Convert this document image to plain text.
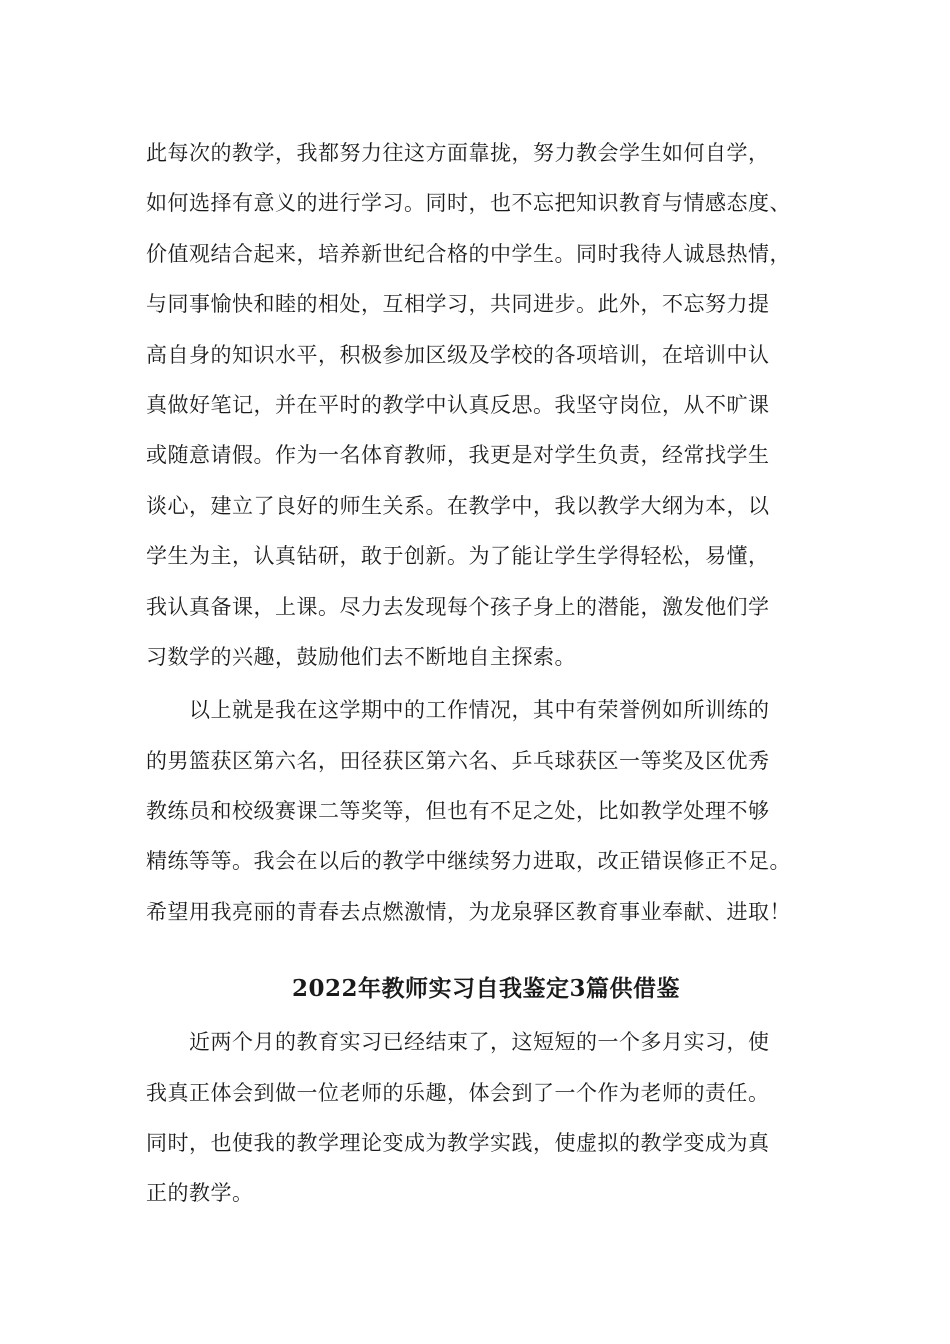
此每次的教学，我都努力往这方面靠拢，努力教会学生如何自学，
如何选择有意义的进行学习。同时，也不忘把知识教育与情感态度、
价值观结合起来，培养新世纪合格的中学生。同时我待人诚恳热情，
与同事愉快和睦的相处，互相学习，共同进步。此外，不忘努力提
高自身的知识水平，积极参加区级及学校的各项培训，在培训中认
真做好笔记，并在平时的教学中认真反思。我坚守岗位，从不旷课
或随意请假。作为一名体育教师，我更是对学生负责，经常找学生
谈心，建立了良好的师生关系。在教学中，我以教学大纲为本，以
学生为主，认真钻研，敢于创新。为了能让学生学得轻松，易懂，
我认真备课，上课。尽力去发现每个孩子身上的潜能，激发他们学
习数学的兴趣，鼓励他们去不断地自主探索。
　　以上就是我在这学期中的工作情况，其中有荣誉例如所训练的
的男篮获区第六名，田径获区第六名、乒乓球获区一等奖及区优秀
教练员和校级赛课二等奖等，但也有不足之处，比如教学处理不够
精练等等。我会在以后的教学中继续努力进取，改正错误修正不足。
希望用我亮丽的青春去点燃激情，为龙泉驿区教育事业奉献、进取！
2022年教师实习自我鉴定3篇供借鉴
　　近两个月的教育实习已经结束了，这短短的一个多月实习，使
我真正体会到做一位老师的乐趣，体会到了一个作为老师的责任。
同时，也使我的教学理论变成为教学实践，使虚拟的教学变成为真
正的教学。
